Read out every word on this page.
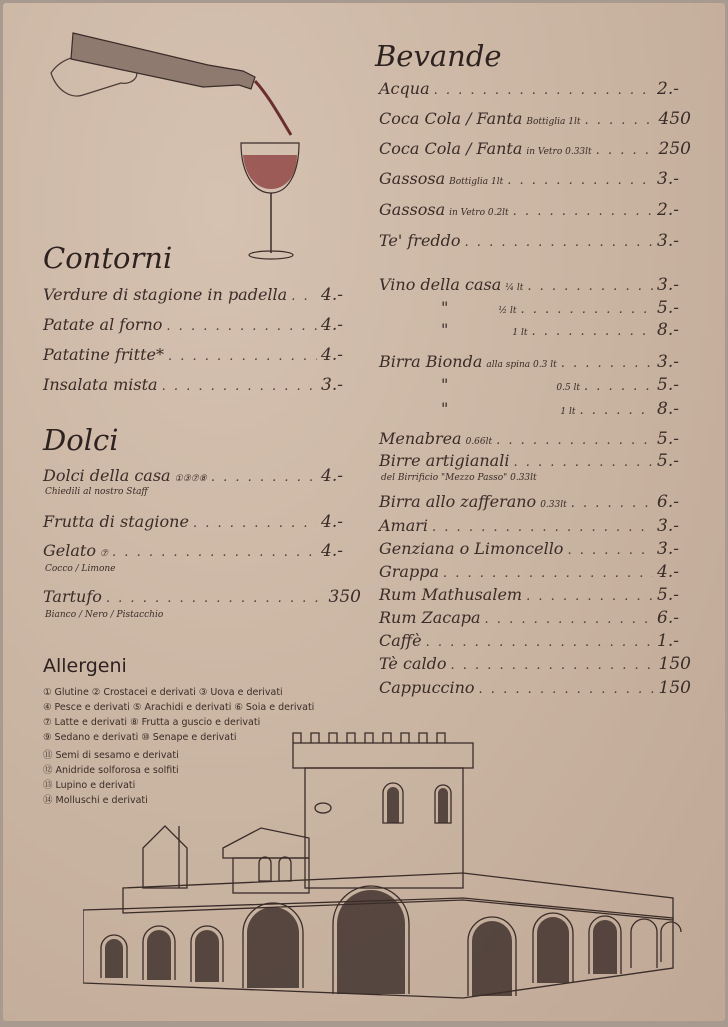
Contorni
Verdure di stagione in padella . . . 4.-
Patate al forno . . .	4.-
Patatine fritte* . . .	4.-
Insalata mista . . .	3.-
Dolci
Dolci della casa ①③⑦⑧ . . .	4.-
Chiedili al nostro Staff
Frutta di stagione . . .	4.-
Gelato ⑦ . . .	4.-
Cocco / Limone
Tartufo . . .	350
Bianco / Nero / Pistacchio
Allergeni
① Glutine ② Crostacei e derivati ③ Uova e derivati
④ Pesce e derivati ⑤ Arachidi e derivati ⑥ Soia e derivati
⑦ Latte e derivati ⑧ Frutta a guscio e derivati
⑨ Sedano e derivati ⑩ Senape e derivati
⑪ Semi di sesamo e derivati
⑫ Anidride solforosa e solfiti
⑬ Lupino e derivati
⑭ Molluschi e derivati
Bevande
Acqua . . .	2.-
Coca Cola / Fanta Bottiglia 1lt . . .	450
Coca Cola / Fanta in Vetro 0.33lt . . .	250
Gassosa Bottiglia 1lt . . .	3.-
Gassosa in Vetro 0.2lt . . .	2.-
Te' freddo . . .	3.-
Vino della casa ¼ lt . . .	3.-
"	½ lt . . .	5.-
"	1 lt . . .	8.-
Birra Bionda alla spina 0.3 lt . . .	3.-
"	0.5 lt . . .	5.-
"	1 lt . . .	8.-
Menabrea 0.66lt . . .	5.-
Birre artigianali . . .	5.-
del Birrificio "Mezzo Passo" 0.33lt
Birra allo zafferano 0.33lt . . .	6.-
Amari . . .	3.-
Genziana o Limoncello . . .	3.-
Grappa . . .	4.-
Rum Mathusalem . . .	5.-
Rum Zacapa . . .	6.-
Caffè . . .	1.-
Tè caldo . . .	150
Cappuccino . . .	150
